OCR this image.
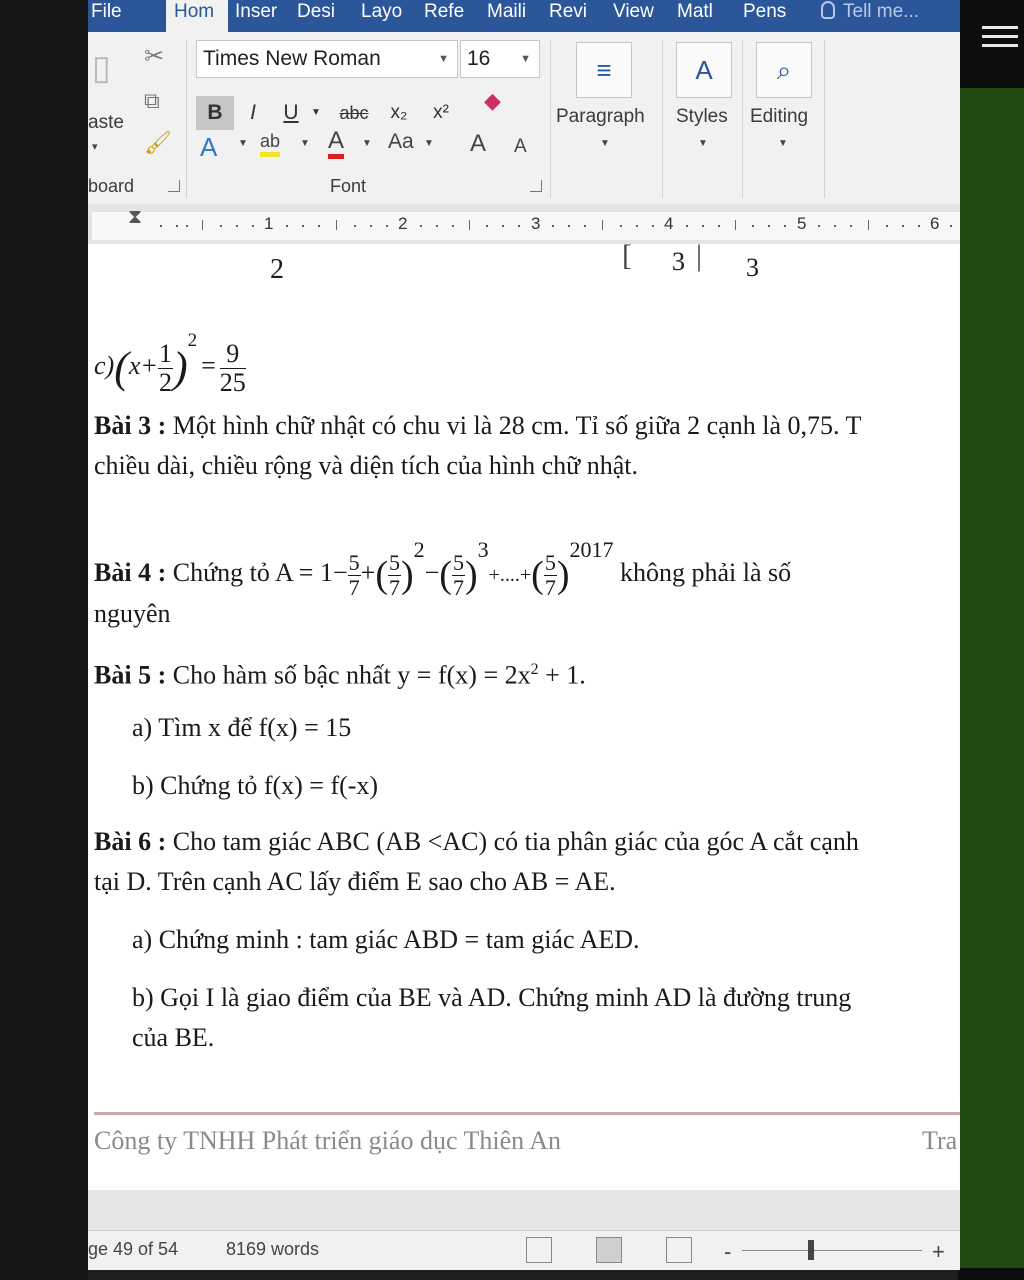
File	Hom	Inser	Desi	Layo	Refe	Maili	Revi	View	Matl	Pens	Tell me...
▯
aste
▾
✂
⧉
🖌
board
Times New Roman	▼ 16	▼
B	I	U	▼	abc	x₂	x²	◆
A ▼ ab ▼ A ▼ Aa ▼ A A
Font
≡
Paragraph
▼
A
Styles
▼
⌕
Editing
▼
⧗	1	2	3	4	5	6
2	[ 3 | 3
$c)(x+ \frac{1}{2} )^2= \frac{9}{25}$
Bài 3 : Một hình chữ nhật có chu vi là 28 cm. Tỉ số giữa 2 cạnh là 0,75. T
chiều dài, chiều rộng và diện tích của hình chữ nhật.
Bài 4 : Chứng tỏ $A = 1- \frac{5}{7}$ +( $\frac{5}{7} )^2-( \frac{5}{7} )^3+....+( \frac{5}{7} )^{2017}$ không phải là số
nguyên
Bài 5 : Cho hàm số bậc nhất $y = f(x) = 2x^2 + 1$.
a) Tìm x để f(x) = 15
b) Chứng tỏ f(x) = f(-x)
Bài 6 : Cho tam giác ABC (AB <AC) có tia phân giác của góc A cắt cạnh
tại D. Trên cạnh AC lấy điểm E sao cho AB = AE.
a) Chứng minh : tam giác ABD = tam giác AED.
b) Gọi I là giao điểm của BE và AD. Chứng minh AD là đường trung
của BE.
Công ty TNHH Phát triển giáo dục Thiên An	Tra
ge 49 of 54	8169 words	-	+
